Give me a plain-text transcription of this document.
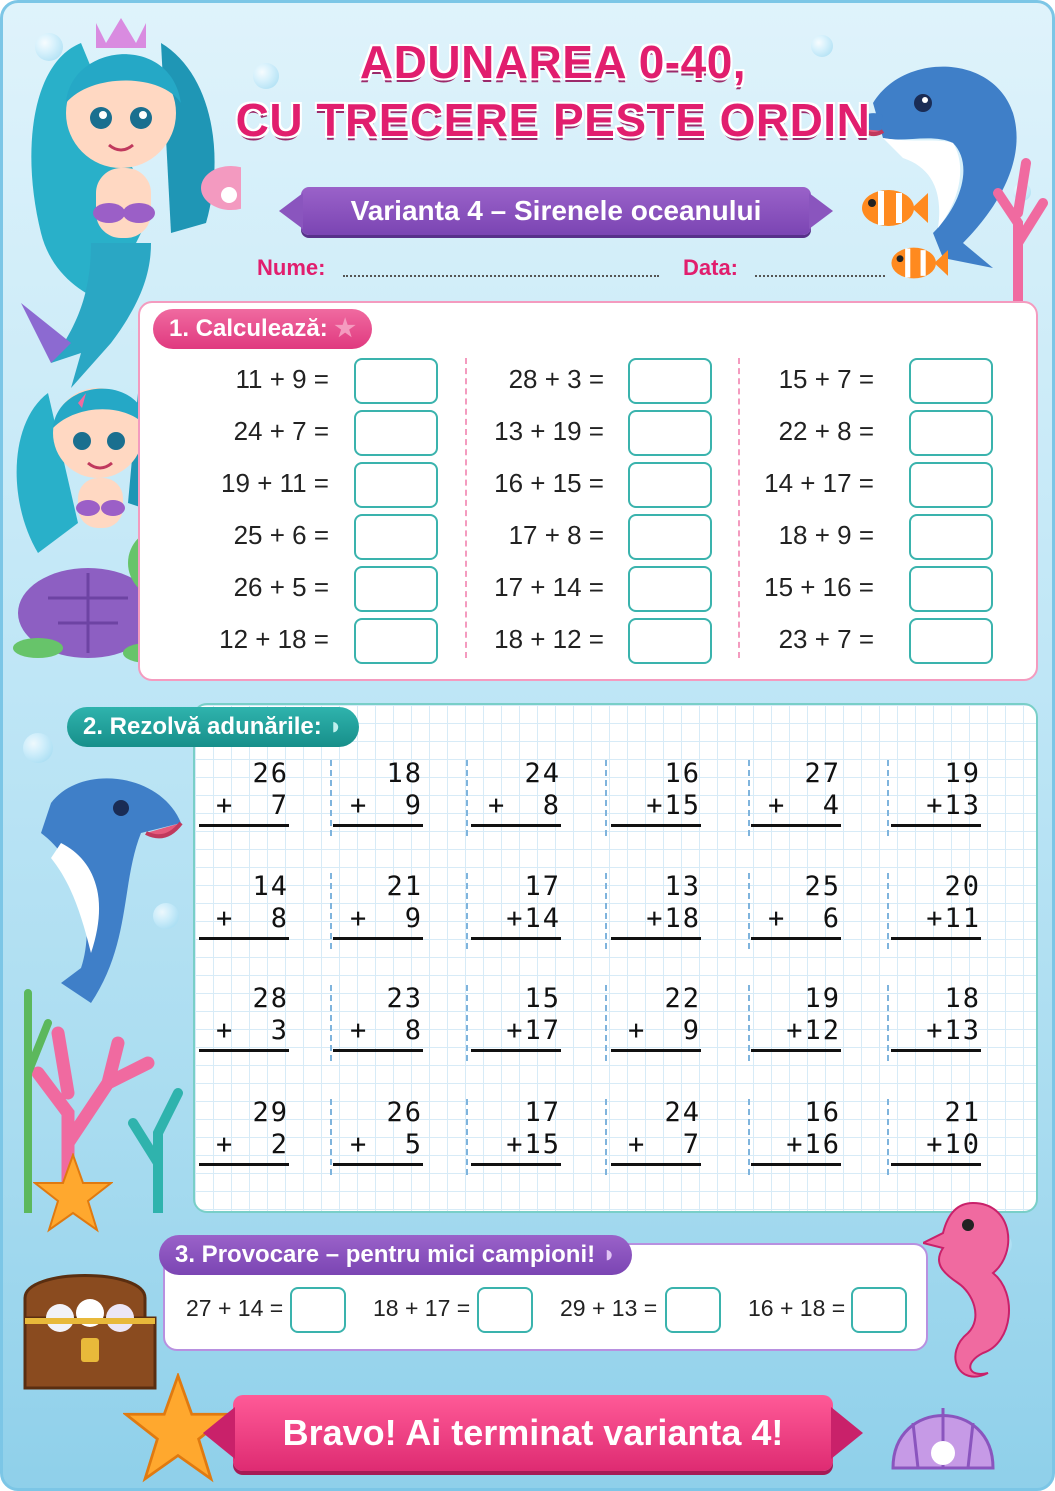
ADUNAREA 0-40,
CU TRECERE PESTE ORDIN
Varianta 4 – Sirenele oceanului
Nume:	Data:
1. Calculează: ★
11 + 9 =
24 + 7 =
19 + 11 =
25 + 6 =
26 + 5 =
12 + 18 =
28 + 3 =
13 + 19 =
16 + 15 =
17 + 8 =
17 + 14 =
18 + 12 =
15 + 7 =
22 + 8 =
14 + 17 =
18 + 9 =
15 + 16 =
23 + 7 =
2. Rezolvă adunările: ◗
26
+  7
18
+  9
24
+  8
16
+15
27
+  4
19
+13
14
+  8
21
+  9
17
+14
13
+18
25
+  6
20
+11
28
+  3
23
+  8
15
+17
22
+  9
19
+12
18
+13
29
+  2
26
+  5
17
+15
24
+  7
16
+16
21
+10
3. Provocare – pentru mici campioni! ◗
27 + 14 =	18 + 17 =	29 + 13 =	16 + 18 =
Bravo! Ai terminat varianta 4!
